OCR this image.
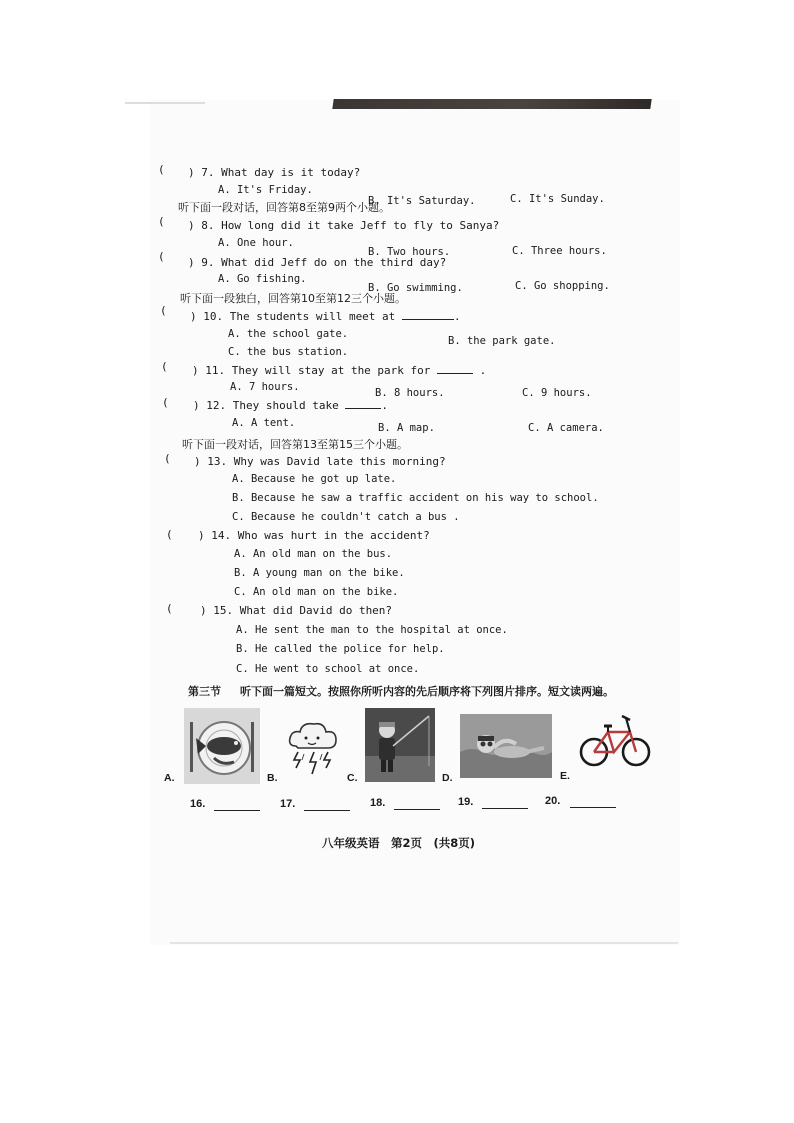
( ) 7. What day is it today?
A. It's Friday.
B. It's Saturday.	C. It's Sunday.
听下面一段对话，回答第8至第9两个小题。
( ) 8. How long did it take Jeff to fly to Sanya?
A. One hour.
B. Two hours.	C. Three hours.
( ) 9. What did Jeff do on the third day?
A. Go fishing.
B. Go swimming.	C. Go shopping.
听下面一段独白，回答第10至第12三个小题。
( ) 10. The students will meet at	.
A. the school gate.
B. the park gate.
C. the bus station.
( ) 11. They will stay at the park for	.
A. 7 hours.	B. 8 hours.	C. 9 hours.
( ) 12. They should take	.
A. A tent.	B. A map.	C. A camera.
听下面一段对话，回答第13至第15三个小题。
( ) 13. Why was David late this morning?
A. Because he got up late.
B. Because he saw a traffic accident on his way to school.
C. Because he couldn't catch a bus .
( ) 14. Who was hurt in the accident?
A. An old man on the bus.
B. A young man on the bike.
C. An old man on the bike.
( ) 15. What did David do then?
A. He sent the man to the hospital at once.
B. He called the police for help.
C. He went to school at once.
第三节 听下面一篇短文。按照你所听内容的先后顺序将下列图片排序。短文读两遍。
A.	B.	C.	D.	E.
16.	17.	18.	19.	20.
八年级英语　第2页　(共8页)
